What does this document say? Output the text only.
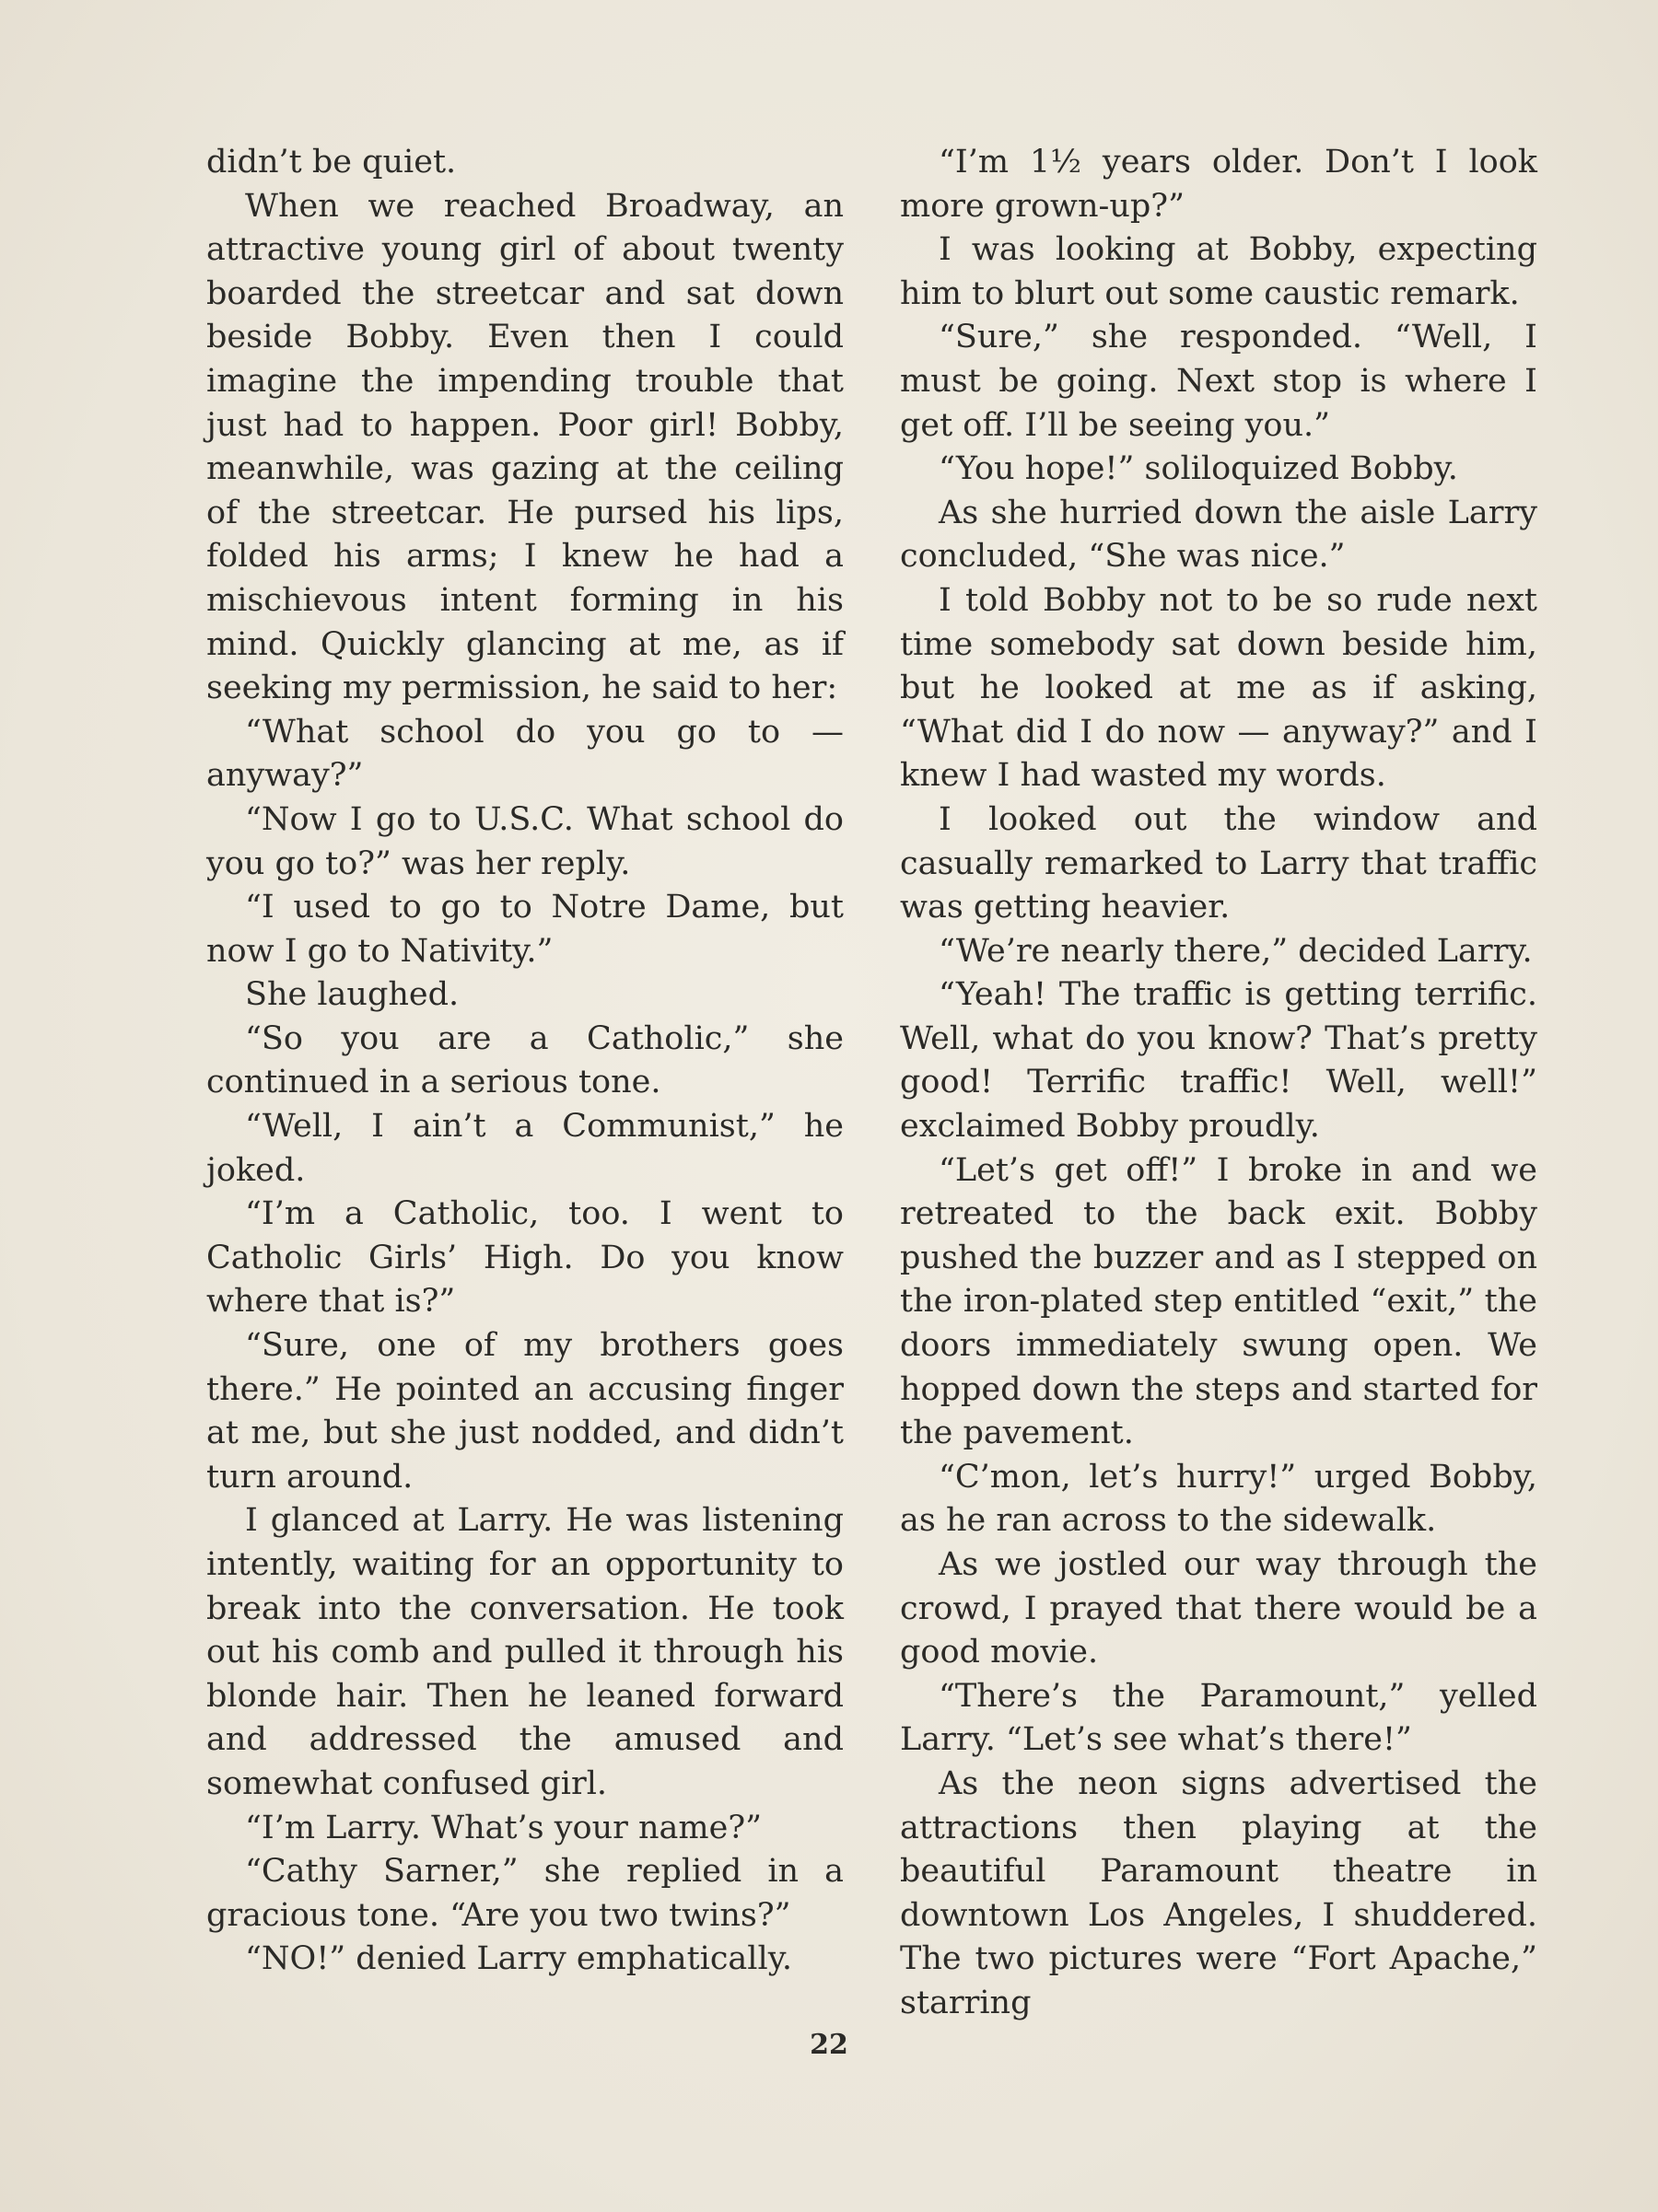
didn’t be quiet.

When we reached Broadway, an attractive young girl of about twenty boarded the streetcar and sat down beside Bobby. Even then I could imagine the impending trouble that just had to happen. Poor girl! Bobby, meanwhile, was gazing at the ceiling of the streetcar. He pursed his lips, folded his arms; I knew he had a mischievous intent forming in his mind. Quickly glancing at me, as if seeking my permission, he said to her:

“What school do you go to — anyway?”

“Now I go to U.S.C. What school do you go to?” was her reply.

“I used to go to Notre Dame, but now I go to Nativity.”

She laughed.

“So you are a Catholic,” she continued in a serious tone.

“Well, I ain’t a Communist,” he joked.

“I’m a Catholic, too. I went to Catholic Girls’ High. Do you know where that is?”

“Sure, one of my brothers goes there.” He pointed an accusing finger at me, but she just nodded, and didn’t turn around.

I glanced at Larry. He was listening intently, waiting for an opportunity to break into the conversation. He took out his comb and pulled it through his blonde hair. Then he leaned forward and addressed the amused and somewhat confused girl.

“I’m Larry. What’s your name?”

“Cathy Sarner,” she replied in a gracious tone. “Are you two twins?”

“NO!” denied Larry emphatically.

“I’m 1½ years older. Don’t I look more grown-up?”

I was looking at Bobby, expecting him to blurt out some caustic remark.

“Sure,” she responded. “Well, I must be going. Next stop is where I get off. I’ll be seeing you.”

“You hope!” soliloquized Bobby.

As she hurried down the aisle Larry concluded, “She was nice.”

I told Bobby not to be so rude next time somebody sat down beside him, but he looked at me as if asking, “What did I do now — anyway?” and I knew I had wasted my words.

I looked out the window and casually remarked to Larry that traffic was getting heavier.

“We’re nearly there,” decided Larry.

“Yeah! The traffic is getting terrific. Well, what do you know? That’s pretty good! Terrific traffic! Well, well!” exclaimed Bobby proudly.

“Let’s get off!” I broke in and we retreated to the back exit. Bobby pushed the buzzer and as I stepped on the iron-plated step entitled “exit,” the doors immediately swung open. We hopped down the steps and started for the pavement.

“C’mon, let’s hurry!” urged Bobby, as he ran across to the sidewalk.

As we jostled our way through the crowd, I prayed that there would be a good movie.

“There’s the Paramount,” yelled Larry. “Let’s see what’s there!”

As the neon signs advertised the attractions then playing at the beautiful Paramount theatre in downtown Los Angeles, I shuddered. The two pictures were “Fort Apache,” starring

22
